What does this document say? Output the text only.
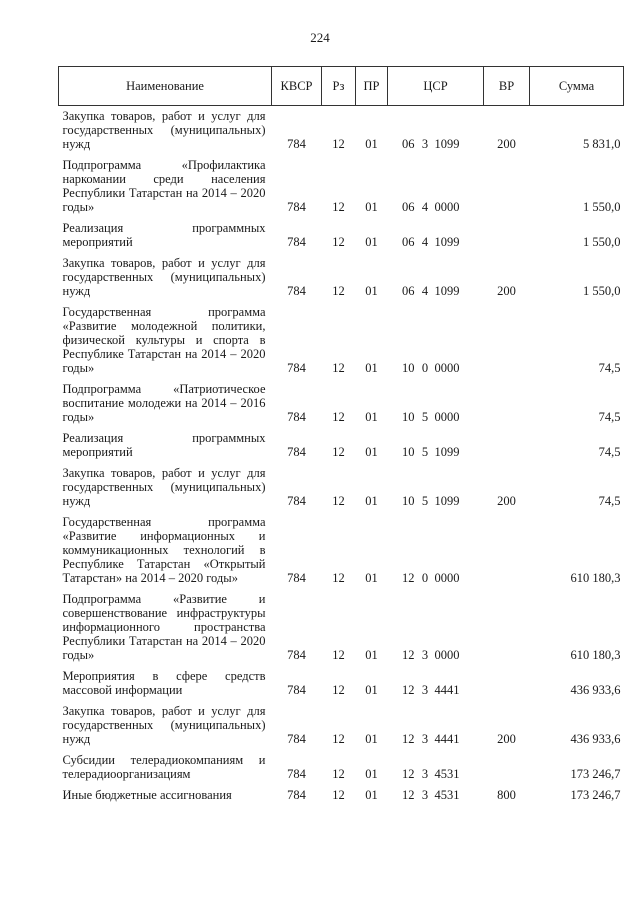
224
Наименование	КВСР	Рз	ПР	ЦСР			ВР	Сумма
Закупка товаров, работ и услуг для государственных (муниципальных) нужд	784	12	01	06	3	1099	200	5 831,0
Подпрограмма «Профилактика наркомании среди населения Республики Татарстан на 2014 – 2020 годы»	784	12	01	06	4	0000		1 550,0
Реализация программных мероприятий	784	12	01	06	4	1099		1 550,0
Закупка товаров, работ и услуг для государственных (муниципальных) нужд	784	12	01	06	4	1099	200	1 550,0
Государственная программа «Развитие молодежной политики, физической культуры и спорта в Республике Татарстан на 2014 – 2020 годы»	784	12	01	10	0	0000		74,5
Подпрограмма «Патриотическое воспитание молодежи на 2014 – 2016 годы»	784	12	01	10	5	0000		74,5
Реализация программных мероприятий	784	12	01	10	5	1099		74,5
Закупка товаров, работ и услуг для государственных (муниципальных) нужд	784	12	01	10	5	1099	200	74,5
Государственная программа «Развитие информационных и коммуникационных технологий в Республике Татарстан «Открытый Татарстан» на 2014 – 2020 годы»	784	12	01	12	0	0000		610 180,3
Подпрограмма «Развитие и совершенствование инфраструктуры информационного пространства Республики Татарстан на 2014 – 2020 годы»	784	12	01	12	3	0000		610 180,3
Мероприятия в сфере средств массовой информации	784	12	01	12	3	4441		436 933,6
Закупка товаров, работ и услуг для государственных (муниципальных) нужд	784	12	01	12	3	4441	200	436 933,6
Субсидии телерадиокомпаниям и телерадиоорганизациям	784	12	01	12	3	4531		173 246,7
Иные бюджетные ассигнования	784	12	01	12	3	4531	800	173 246,7
